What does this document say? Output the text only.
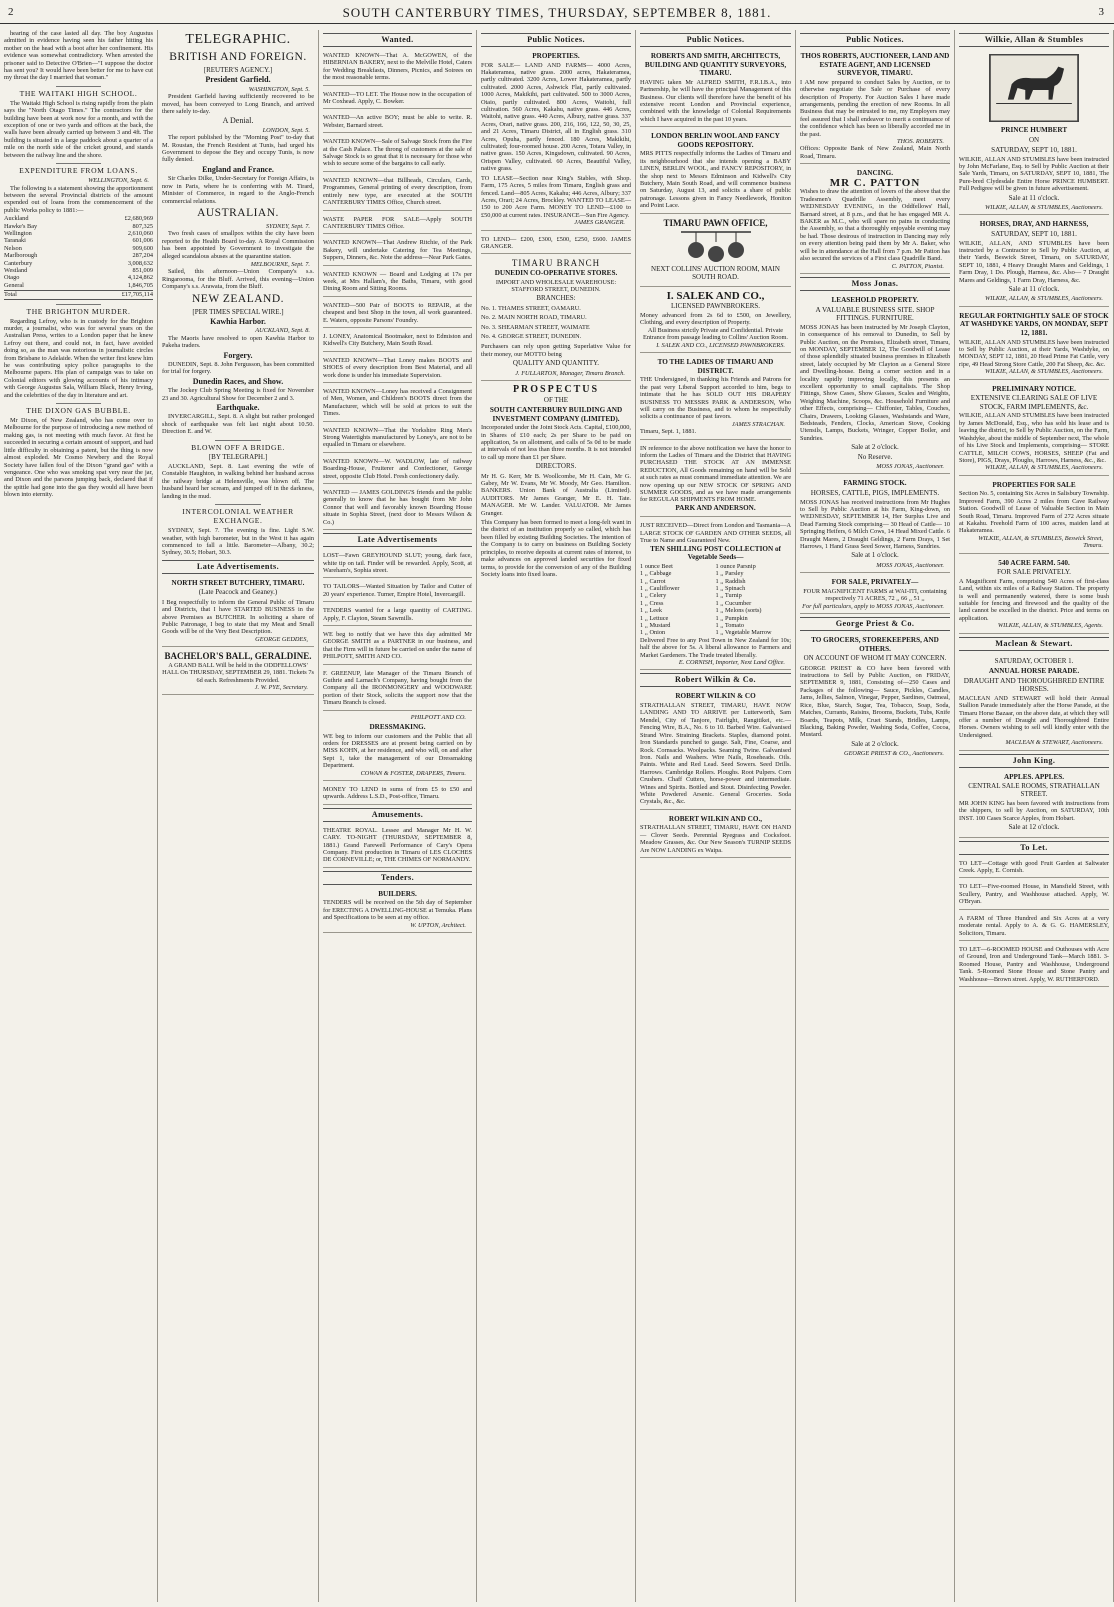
2	SOUTH CANTERBURY TIMES, THURSDAY, SEPTEMBER 8, 1881.	3

hearing of the case lasted all day. The boy Augustus admitted in evidence having seen his father hitting his mother on the head with a boot after her confinement. His evidence was somewhat contradictory. When arrested the prisoner said to Detective O'Brien—"I suppose the doctor has sent you? It would have been better for me to have cut my throat the day I married that woman."

THE WAITAKI HIGH SCHOOL.

The Waitaki High School is rising rapidly from the plain says the "North Otago Times." The contractors for the building have been at work now for a month, and with the exception of one or two yards and offices at the back, the walls have been already carried up between 3 and 4ft. The building is situated in a large paddock about a quarter of a mile on the north side of the cricket ground, and stands between the railway line and the shore.

EXPENDITURE FROM LOANS.
WELLINGTON, Sept. 6.

The following is a statement showing the apportionment between the several Provincial districts of the amount expended out of loans from the commencement of the public Works policy to 1881:—

Auckland	£2,680,969
Hawke's Bay	807,325
Wellington	2,610,060
Taranaki	601,006
Nelson	909,600
Marlborough	287,204
Canterbury	3,008,632
Westland	851,009
Otago	4,124,862
General	1,846,705
Total	£17,705,114
THE BRIGHTON MURDER.

Regarding Lefroy, who is in custody for the Brighton murder, a journalist, who was for several years on the Australian Press, writes to a London paper that he knew Lefroy out there, and could not, in fact, have avoided doing so, as the man was notorious in journalistic circles from Brisbane to Adelaide. When the writer first knew him he was contributing spicy police paragraphs to the Melbourne papers. His plan of campaign was to take on Colonial editors with glowing accounts of his intimacy with George Augustus Sala, William Black, Henry Irving, and the celebrities of the day in literature and art.

THE DIXON GAS BUBBLE.

Mr Dixon, of New Zealand, who has come over to Melbourne for the purpose of introducing a new method of making gas, is not meeting with much favor. At first he succeeded in securing a certain amount of support, and had little difficulty in obtaining a patent, but the thing is now almost exploded. Mr Cosmo Newbery and the Royal Society have fallen foul of the Dixon "grand gas" with a vengeance. One who was smoking spat very near the jar, and Dixon and the parsons jumping back, declared that if the spittle had gone into the gas they would all have been blown into eternity.

TELEGRAPHIC.
BRITISH AND FOREIGN.
[REUTER'S AGENCY.]
President Garfield.
WASHINGTON, Sept. 5.

President Garfield having sufficiently recovered to be moved, has been conveyed to Long Branch, and arrived there safely to-day.

A Denial.
LONDON, Sept. 5.

The report published by the "Morning Post" to-day that M. Roustan, the French Resident at Tunis, had urged his Government to depose the Bey and occupy Tunis, is now fully denied.

England and France.

Sir Charles Dilke, Under-Secretary for Foreign Affairs, is now in Paris, where he is conferring with M. Tirard, Minister of Commerce, in regard to the Anglo-French commercial relations.

AUSTRALIAN.
SYDNEY, Sept. 7.

Two fresh cases of smallpox within the city have been reported to the Health Board to-day. A Royal Commission has been appointed by Government to investigate the alleged scandalous abuses at the quarantine station.

MELBOURNE, Sept. 7.

Sailed, this afternoon—Union Company's s.s. Ringarooma, for the Bluff. Arrived, this evening—Union Company's s.s. Arawata, from the Bluff.

NEW ZEALAND.
[PER TIMES SPECIAL WIRE.]
Kawhia Harbor.
AUCKLAND, Sept. 8.

The Maoris have resolved to open Kawhia Harbor to Pakeha traders.

Forgery.

DUNEDIN, Sept. 8. John Fergusson, has been committed for trial for forgery.

Dunedin Races, and Show.

The Jockey Club Spring Meeting is fixed for November 23 and 30. Agricultural Show for December 2 and 3.

Earthquake.

INVERCARGILL, Sept. 8. A slight but rather prolonged shock of earthquake was felt last night about 10.50. Direction E. and W.

BLOWN OFF A BRIDGE.
[BY TELEGRAPH.]

AUCKLAND, Sept. 8. Last evening the wife of Constable Haughton, in walking behind her husband across the railway bridge at Helensville, was blown off. The husband heard her scream, and jumped off in the darkness, landing in the mud.

INTERCOLONIAL WEATHER EXCHANGE.

SYDNEY, Sept. 7. The evening is fine. Light S.W. weather, with high barometer, but in the West it has again commenced to fall a little. Barometer—Albany, 30.2; Sydney, 30.5; Hobart, 30.3.

Late Advertisements.
NORTH STREET BUTCHERY, TIMARU.
(Late Peacock and Geaney.)
I Beg respectfully to inform the General Public of Timaru and Districts, that I have STARTED BUSINESS in the above Premises as BUTCHER. In soliciting a share of Public Patronage, I beg to state that my Meat and Small Goods will be of the Very Best Description.
GEORGE GEDDES,
BACHELOR'S BALL, GERALDINE.
A GRAND BALL Will be held in the ODDFELLOWS' HALL On THURSDAY, SEPTEMBER 29, 1881. Tickets 7s 6d each. Refreshments Provided.
J. W. PYE, Secretary.
Wanted.
WANTED KNOWN—That A. McGOWEN, of the HIBERNIAN BAKERY, next to the Melville Hotel, Caters for Wedding Breakfasts, Dinners, Picnics, and Soirees on the most reasonable terms.
WANTED—TO LET. The House now in the occupation of Mr Coxhead. Apply, C. Bowker.
WANTED—An active BOY; must be able to write. R. Webster, Barnard street.
WANTED KNOWN—Sale of Salvage Stock from the Fire at the Cash Palace. The throng of customers at the sale of Salvage Stock is so great that it is necessary for those who wish to secure some of the bargains to call early.
WANTED KNOWN—that Billheads, Circulars, Cards, Programmes, General printing of every description, from entirely new type, are executed at the SOUTH CANTERBURY TIMES Office, Church street.
WASTE PAPER FOR SALE—Apply SOUTH CANTERBURY TIMES Office.
WANTED KNOWN—That Andrew Ritchie, of the Park Bakery, will undertake Catering for Tea Meetings, Suppers, Dinners, &c. Note the address—Near Park Gates.
WANTED KNOWN — Board and Lodging at 17s per week, at Mrs Hallam's, the Baths, Timaru, with good Dining Room and Sitting Rooms.
WANTED—500 Pair of BOOTS to REPAIR, at the cheapest and best Shop in the town, all work guaranteed. E. Waters, opposite Parsons' Foundry.
J. LONEY, Anatomical Bootmaker, next to Edmiston and Kidwell's City Butchery, Main South Road.
WANTED KNOWN—That Loney makes BOOTS and SHOES of every description from Best Material, and all work done is under his immediate Supervision.
WANTED KNOWN—Loney has received a Consignment of Men, Women, and Children's BOOTS direct from the Manufacturer, which will be sold at prices to suit the Times.
WANTED KNOWN—That the Yorkshire Ring Men's Strong Watertights manufactured by Loney's, are not to be equalled in Timaru or elsewhere.
WANTED KNOWN—W. WADLOW, late of railway Boarding-House, Fruiterer and Confectioner, George street, opposite Club Hotel. Fresh confectionery daily.
WANTED — JAMES GOLDING'S friends and the public generally to know that he has bought from Mr John Connor that well and favorably known Boarding House situate in Sophia Street, (next door to Messrs Wilson & Co.)
Late Advertisements
LOST—Fawn GREYHOUND SLUT; young, dark face, white tip on tail. Finder will be rewarded. Apply, Scott, at Wareham's, Sophia street.
TO TAILORS—Wanted Situation by Tailor and Cutter of 20 years' experience. Turner, Empire Hotel, Invercargill.
TENDERS wanted for a large quantity of CARTING. Apply, F. Clayton, Steam Sawmills.
WE beg to notify that we have this day admitted Mr GEORGE SMITH as a PARTNER in our business, and that the Firm will in future be carried on under the name of PHILPOTT, SMITH AND CO.
F. GREENUP, late Manager of the Timaru Branch of Guthrie and Larnach's Company, having bought from the Company all the IRONMONGERY and WOODWARE portion of their Stock, solicits the support now that the Timaru Branch is closed.
PHILPOTT AND CO.
DRESSMAKING.
WE beg to inform our customers and the Public that all orders for DRESSES are at present being carried on by MISS KOHN, at her residence, and who will, on and after Sept 1, take the management of our Dressmaking Department.
COWAN & FOSTER, DRAPERS, Timaru.
MONEY TO LEND in sums of from £5 to £50 and upwards. Address L.S.D., Post-office, Timaru.
Amusements.
THEATRE ROYAL. Lessee and Manager Mr H. W. CARY. TO-NIGHT (THURSDAY, SEPTEMBER 8, 1881.) Grand Farewell Performance of Cary's Opera Company. First production in Timaru of LES CLOCHES DE CORNEVILLE; or, THE CHIMES OF NORMANDY.
Tenders.
BUILDERS.
TENDERS will be received on the 5th day of September for ERECTING A DWELLING-HOUSE at Temuka. Plans and Specifications to be seen at my office.
W. UPTON, Architect.
Public Notices.
PROPERTIES.
FOR SALE— LAND AND FARMS— 4000 Acres, Hakateramea, native grass. 2000 acres, Hakateramea, partly cultivated. 3200 Acres, Lower Hakateramea, partly cultivated. 2000 Acres, Ashwick Flat, partly cultivated. 1000 Acres, Makikihi, part cultivated. 500 to 3000 Acres, Otaio, partly cultivated. 800 Acres, Waitohi, full cultivation. 560 Acres, Kakahu, native grass. 446 Acres, Waitohi, native grass. 440 Acres, Albury, native grass. 337 Acres, Orari, native grass. 200, 216, 166, 122, 50, 30, 25, and 21 Acres, Timaru District, all in English grass. 310 Acres, Opuha, partly fenced. 180 Acres, Makikihi, cultivated; four-roomed house. 200 Acres, Totara Valley, in native grass. 150 Acres, Kingsdown, cultivated. 90 Acres, Orispen Valley, cultivated. 60 Acres, Beautiful Valley, native grass.
TO LEASE—Section near King's Stables, with Shop. Farm, 175 Acres, 5 miles from Timaru, English grass and fenced. Land—805 Acres, Kakahu; 446 Acres, Albury; 337 Acres, Orari; 24 Acres, Brockley. WANTED TO LEASE—150 to 200 Acre Farm. MONEY TO LEND—£100 to £50,000 at current rates. INSURANCE—Sun Fire Agency.
JAMES GRANGER.
TO LEND— £200, £300, £500, £250, £600. JAMES GRANGER.
TIMARU BRANCH
DUNEDIN CO-OPERATIVE STORES.
IMPORT AND WHOLESALE WAREHOUSE: STAFFORD STREET, DUNEDIN.
BRANCHES:
No. 1. THAMES STREET, OAMARU.
No. 2. MAIN NORTH ROAD, TIMARU.
No. 3. SHEARMAN STREET, WAIMATE
No. 4. GEORGE STREET, DUNEDIN.
Purchasers can rely upon getting Superlative Value for their money, our MOTTO being
QUALITY AND QUANTITY.
J. FULLARTON, Manager, Timaru Branch.
PROSPECTUS
OF THE
SOUTH CANTERBURY BUILDING AND INVESTMENT COMPANY (LIMITED).
Incorporated under the Joint Stock Acts. Capital, £100,000, in Shares of £10 each; 2s per Share to be paid on application, 5s on allotment, and calls of 5s 0d to be made at intervals of not less than three months. It is not intended to call up more than £1 per Share.
DIRECTORS.
Mr H. G. Kerr, Mr B. Woollcombe, Mr H. Cain, Mr G. Gabey, Mr W. Evans, Mr W. Moody, Mr Geo. Hamilton. BANKERS. Union Bank of Australia (Limited). AUDITORS. Mr James Granger, Mr E. H. Tate. MANAGER. Mr W. Lander. VALUATOR. Mr James Granger.
This Company has been formed to meet a long-felt want in the district of an institution properly so called, which has been filled by existing Building Societies. The intention of the Company is to carry on business on Building Society principles, to receive deposits at current rates of interest, to make advances on approved landed securities for fixed terms, to provide for the conversion of any of the Building Society loans into fixed loans.
Public Notices.
ROBERTS AND SMITH, ARCHITECTS, BUILDING AND QUANTITY SURVEYORS, TIMARU.
HAVING taken Mr ALFRED SMITH, F.R.I.B.A., into Partnership, he will have the principal Management of this Business. Our clients will therefore have the benefit of his extensive recent London and Provincial experience, combined with the knowledge of Colonial Requirements which I have acquired in the past 10 years.
LONDON BERLIN WOOL AND FANCY GOODS REPOSITORY.
MRS PITTS respectfully informs the Ladies of Timaru and its neighbourhood that she intends opening a BABY LINEN, BERLIN WOOL, and FANCY REPOSITORY, in the shop next to Messrs Edminson and Kidwell's City Butchery, Main South Road, and will commence business on Saturday, August 13, and solicits a share of public patronage. Lessons given in Fancy Needlework, Honiton and Point Lace.
TIMARU PAWN OFFICE,
NEXT COLLINS' AUCTION ROOM, MAIN SOUTH ROAD.
I. SALEK AND CO.,
LICENSED PAWNBROKERS.
Money advanced from 2s 6d to £500, on Jewellery, Clothing, and every description of Property.
All Business strictly Private and Confidential. Private Entrance from passage leading to Collins' Auction Room.
I. SALEK AND CO., LICENSED PAWNBROKERS.
TO THE LADIES OF TIMARU AND DISTRICT.
THE Undersigned, in thanking his Friends and Patrons for the past very Liberal Support accorded to him, begs to intimate that he has SOLD OUT HIS DRAPERY BUSINESS TO MESSRS PARK & ANDERSON, Who will carry on the Business, and to whom he respectfully solicits a continuance of past favors.
JAMES STRACHAN.
Timaru, Sept. 1, 1881.
IN reference to the above notification we have the honor to inform the Ladies of Timaru and the District that HAVING PURCHASED THE STOCK AT AN IMMENSE REDUCTION, All Goods remaining on hand will be Sold at such rates as must command immediate attention. We are now opening up our NEW STOCK OF SPRING AND SUMMER GOODS, and as we have made arrangements for REGULAR SHIPMENTS FROM HOME.
PARK AND ANDERSON.
JUST RECEIVED—Direct from London and Tasmania—A LARGE STOCK OF GARDEN AND OTHER SEEDS, all True to Name and Guaranteed New.
TEN SHILLING POST COLLECTION of Vegetable Seeds—
1 ounce Beet	1 ounce Parsnip
1 ,, Cabbage	1 ,, Parsley
1 ,, Carrot	1 ,, Raddish
1 ,, Cauliflower	1 ,, Spinach
1 ,, Celery	1 ,, Turnip
1 ,, Cress	1 ,, Cucumber
1 ,, Leek	1 ,, Melons (sorts)
1 ,, Lettuce	1 ,, Pumpkin
1 ,, Mustard	1 ,, Tomato
1 ,, Onion	1 ,, Vegetable Marrow
Delivered Free to any Post Town in New Zealand for 10s; half the above for 5s. A liberal allowance to Farmers and Market Gardeners. The Trade treated liberally.
E. CORNISH, Importer, Next Land Office.
Robert Wilkin & Co.
ROBERT WILKIN & CO
STRATHALLAN STREET, TIMARU, HAVE NOW LANDING AND TO ARRIVE per Lutterworth, Sam Mendel, City of Tanjore, Fairlight, Rangitikei, etc.— Fencing Wire, B.A., No. 6 to 10. Barbed Wire. Galvanised Strand Wire. Straining Brackets. Staples, diamond point. Iron Standards punched to gauge. Salt, Fine, Coarse, and Rock. Cornsacks. Woolpacks. Seaming Twine. Galvanised Iron. Nails and Washers. Wire Nails, Roseheads. Oils. Paints. White and Red Lead. Seed Sowers. Seed Drills. Harrows. Cambridge Rollers. Ploughs. Root Pulpers. Corn Crushers. Chaff Cutters, horse-power and intermediate. Wines and Spirits. Bottled and Stout. Disinfecting Powder. White Powdered Arsenic. General Groceries. Soda Crystals, &c., &c.
ROBERT WILKIN AND CO.,
STRATHALLAN STREET, TIMARU, HAVE ON HAND— Clover Seeds. Perennial Ryegrass and Cocksfoot. Meadow Grasses, &c. Our New Season's TURNIP SEEDS Are NOW LANDING ex Waipa.
Public Notices.
THOS ROBERTS, AUCTIONEER, LAND AND ESTATE AGENT, AND LICENSED SURVEYOR, TIMARU.
I AM now prepared to conduct Sales by Auction, or to otherwise negotiate the Sale or Purchase of every description of Property. For Auction Sales I have made arrangements, pending the erection of new Rooms. In all Business that may be entrusted to me, my Employers may feel assured that I shall endeavor to merit a continuance of the confidence which has been so liberally accorded me in the past.
THOS. ROBERTS.
Offices: Opposite Bank of New Zealand, Main North Road, Timaru.
DANCING.
MR C. PATTON
Wishes to draw the attention of lovers of the above that the Tradesmen's Quadrille Assembly, meet every WEDNESDAY EVENING, in the Oddfellows' Hall, Barnard street, at 8 p.m., and that he has engaged MR A. BAKER as M.C., who will spare no pains in conducting the Assembly, so that a thoroughly enjoyable evening may be had. Those desirous of instruction in Dancing may rely on every attention being paid them by Mr A. Baker, who will be in attendance at the Hall from 7 p.m. Mr Patton has also secured the services of a First class Quadrille Band.
C. PATTON, Pianist.
Moss Jonas.
LEASEHOLD PROPERTY.
A VALUABLE BUSINESS SITE. SHOP FITTINGS. FURNITURE.
MOSS JONAS has been instructed by Mr Joseph Clayton, in consequence of his removal to Dunedin, to Sell by Public Auction, on the Premises, Elizabeth street, Timaru, on MONDAY, SEPTEMBER 12, The Goodwill of Lease of those splendidly situated business premises in Elizabeth street, lately occupied by Mr Clayton as a General Store and Dwelling-house. Being a corner section and in a locality rapidly improving locally, this presents an excellent opportunity to small capitalists. The Shop Fittings, Show Cases, Show Glasses, Scales and Weights, Weighing Machine, Scoops, &c. Household Furniture and other Effects, comprising— Chiffonier, Tables, Couches, Chairs, Drawers, Looking Glasses, Washstands and Ware, Bedsteads, Fenders, Clocks, American Stove, Cooking Utensils, Lamps, Buckets, Wringer, Copper Boiler, and Sundries.
Sale at 2 o'clock.
No Reserve.
MOSS JONAS, Auctioneer.
FARMING STOCK.
HORSES, CATTLE, PIGS, IMPLEMENTS.
MOSS JONAS has received instructions from Mr Hughes to Sell by Public Auction at his Farm, King-down, on WEDNESDAY, SEPTEMBER 14, Her Surplus Live and Dead Farming Stock comprising— 30 Head of Cattle— 10 Springing Heifers, 6 Milch Cows, 14 Head Mixed Cattle. 6 Draught Mares, 2 Draught Geldings, 2 Farm Drays, 1 Set Harrows, 1 Hand Grass Seed Sower, Harness, Sundries.
Sale at 1 o'clock.
MOSS JONAS, Auctioneer.
FOR SALE, PRIVATELY—
FOUR MAGNIFICENT FARMS at WAI-ITI, containing respectively 71 ACRES, 72 ,, 66 ,, 51 ,,
For full particulars, apply to MOSS JONAS, Auctioneer.
George Priest & Co.
TO GROCERS, STOREKEEPERS, AND OTHERS.
ON ACCOUNT OF WHOM IT MAY CONCERN.
GEORGE PRIEST & CO have been favored with instructions to Sell by Public Auction, on FRIDAY, SEPTEMBER 9, 1881, Consisting of—250 Cases and Packages of the following— Sauce, Pickles, Candles, Jams, Jellies, Salmon, Vinegar, Pepper, Sardines, Oatmeal, Rice, Blue, Starch, Sugar, Tea, Tobacco, Soap, Soda, Matches, Currants, Raisins, Brooms, Buckets, Tubs, Knife Boards, Teapots, Milk, Cruet Stands, Bridles, Lamps, Blacking, Baking Powder, Washing Soda, Coffee, Cocoa, Mustard.
Sale at 2 o'clock.
GEORGE PRIEST & CO., Auctioneers.
Wilkie, Allan & Stumbles
PRINCE HUMBERT
ON
SATURDAY, SEPT 10, 1881.
WILKIE, ALLAN AND STUMBLES have been instructed by John McFarlane, Esq. to Sell by Public Auction at their Sale Yards, Timaru, on SATURDAY, SEPT 10, 1881, The Pure-bred Clydesdale Entire Horse PRINCE HUMBERT. Full Pedigree will be given in future advertisement.
Sale at 11 o'clock.
WILKIE, ALLAN, & STUMBLES, Auctioneers.
HORSES, DRAY, AND HARNESS,
SATURDAY, SEPT 10, 1881.
WILKIE, ALLAN, AND STUMBLES have been instructed by a Contractor to Sell by Public Auction, at their Yards, Beswick Street, Timaru, on SATURDAY, SEPT 10, 1881, 4 Heavy Draught Mares and Geldings, 1 Farm Dray, 1 Do. Plough, Harness, &c. Also— 7 Draught Mares and Geldings, 1 Farm Dray, Harness, &c.
Sale at 11 o'clock.
WILKIE, ALLAN, & STUMBLES, Auctioneers.
REGULAR FORTNIGHTLY SALE OF STOCK AT WASHDYKE YARDS, ON MONDAY, SEPT 12, 1881.
WILKIE, ALLAN AND STUMBLES have been instructed to Sell by Public Auction, at their Yards, Washdyke, on MONDAY, SEPT 12, 1881, 20 Head Prime Fat Cattle, very ripe, 49 Head Strong Store Cattle, 200 Fat Sheep, &c. &c.
WILKIE, ALLAN, & STUMBLES, Auctioneers.
PRELIMINARY NOTICE.
EXTENSIVE CLEARING SALE OF LIVE STOCK, FARM IMPLEMENTS, &c.
WILKIE, ALLAN AND STUMBLES have been instructed by James McDonald, Esq., who has sold his lease and is leaving the district, to Sell by Public Auction, on the Farm, Washdyke, about the middle of September next, The whole of his Live Stock and Implements, comprising— STORE CATTLE, MILCH COWS, HORSES, SHEEP (Fat and Store), PIGS, Drays, Ploughs, Harrows, Harness, &c., &c.
WILKIE, ALLAN, & STUMBLES, Auctioneers.
PROPERTIES FOR SALE
Section No. 5, containing Six Acres in Salisbury Township. Improved Farm, 390 Acres 2 miles from Cave Railway Station. Goodwill of Lease of Valuable Section in Main South Road, Timaru. Improved Farm of 272 Acres situate at Kakahu. Freehold Farm of 100 acres, maiden land at Hakateramea.
WILKIE, ALLAN, & STUMBLES, Beswick Street, Timaru.
540 ACRE FARM. 540.
FOR SALE PRIVATELY.
A Magnificent Farm, comprising 540 Acres of first-class Land, within six miles of a Railway Station. The property is well and permanently watered, there is some bush suitable for fencing and firewood and the quality of the land cannot be excelled in the district. Price and terms on application.
WILKIE, ALLAN, & STUMBLES, Agents.
Maclean & Stewart.
SATURDAY, OCTOBER 1.
ANNUAL HORSE PARADE.
DRAUGHT AND THOROUGHBRED ENTIRE HORSES.
MACLEAN AND STEWART will hold their Annual Stallion Parade immediately after the Horse Parade, at the Timaru Horse Bazaar, on the above date, at which they will offer a number of Draught and Thoroughbred Entire Horses. Owners wishing to sell will kindly enter with the Undersigned.
MACLEAN & STEWART, Auctioneers.
John King.
APPLES. APPLES.
CENTRAL SALE ROOMS, STRATHALLAN STREET.
MR JOHN KING has been favored with instructions from the shippers, to sell by Auction, on SATURDAY, 10th INST. 100 Cases Scarce Apples, from Hobart.
Sale at 12 o'clock.
To Let.
TO LET—Cottage with good Fruit Garden at Saltwater Creek. Apply, E. Cornish.
TO LET—Five-roomed House, in Mansfield Street, with Scullery, Pantry, and Washhouse attached. Apply, W. O'Bryan.
A FARM of Three Hundred and Six Acres at a very moderate rental. Apply to A. & G. G. HAMERSLEY, Solicitors, Timaru.
TO LET—6-ROOMED HOUSE and Outhouses with Acre of Ground, Iron and Underground Tank—March 1881. 3-Roomed House, Pantry and Washhouse, Underground Tank. 5-Roomed Stone House and Stone Pantry and Washhouse—Brown street. Apply, W. RUTHERFORD.
